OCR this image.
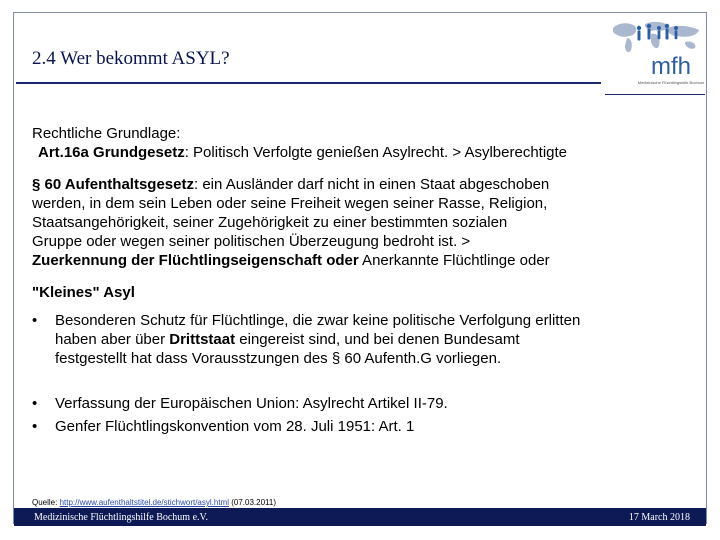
2.4 Wer bekommt ASYL?	mfh
Medizinische Flüchtlingshilfe Bochum

Rechtliche Grundlage:

Art.16a Grundgesetz: Politisch Verfolgte genießen Asylrecht. > Asylberechtigte

§ 60 Aufenthaltsgesetz: ein Ausländer darf nicht in einen Staat abgeschoben

werden, in dem sein Leben oder seine Freiheit wegen seiner Rasse, Religion,

Staatsangehörigkeit, seiner Zugehörigkeit zu einer bestimmten sozialen

Gruppe oder wegen seiner politischen Überzeugung bedroht ist. >

Zuerkennung der Flüchtlingseigenschaft oder Anerkannte Flüchtlinge oder

"Kleines" Asyl

•	Besonderen Schutz für Flüchtlinge, die zwar keine politische Verfolgung erlitten

haben aber über Drittstaat eingereist sind, und bei denen Bundesamt

festgestellt hat dass Vorausstzungen des § 60 Aufenth.G vorliegen.

•	Verfassung der Europäischen Union: Asylrecht Artikel II-79.

•	Genfer Flüchtlingskonvention vom 28. Juli 1951: Art. 1

Quelle: http://www.aufenthaltstitel.de/stichwort/asyl.html (07.03.2011)
Medizinische Flüchtlingshilfe Bochum e.V.	17 March 2018
